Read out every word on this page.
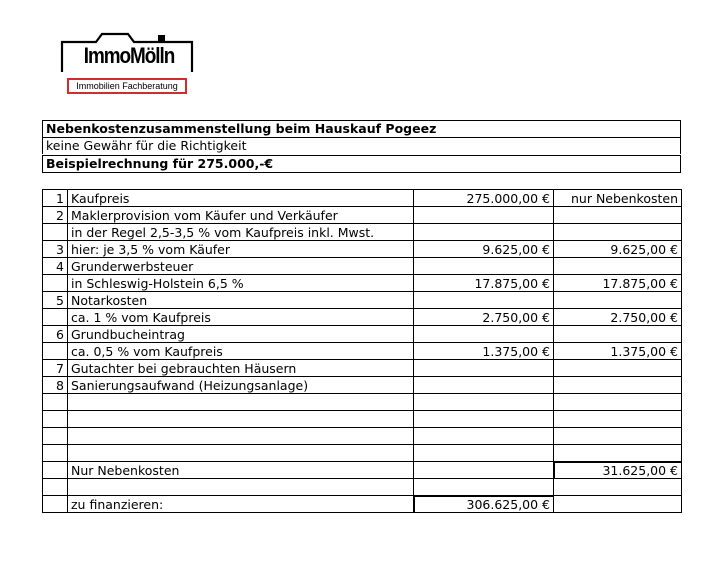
ImmoMölln
Immobilien Fachberatung
Nebenkostenzusammenstellung beim Hauskauf Pogeez
keine Gewähr für die Richtigkeit
Beispielrechnung für 275.000,-€
1	Kaufpreis	275.000,00 €	nur Nebenkosten
2	Maklerprovision vom Käufer und Verkäufer		
	in der Regel 2,5-3,5 % vom Kaufpreis inkl. Mwst.		
3	hier: je 3,5 % vom Käufer	9.625,00 €	9.625,00 €
4	Grunderwerbsteuer		
	in Schleswig-Holstein 6,5 %	17.875,00 €	17.875,00 €
5	Notarkosten		
	ca. 1 % vom Kaufpreis	2.750,00 €	2.750,00 €
6	Grundbucheintrag		
	ca. 0,5 % vom Kaufpreis	1.375,00 €	1.375,00 €
7	Gutachter bei gebrauchten Häusern		
8	Sanierungsaufwand (Heizungsanlage)		

	Nur Nebenkosten		31.625,00 €

	zu finanzieren:	306.625,00 €	
